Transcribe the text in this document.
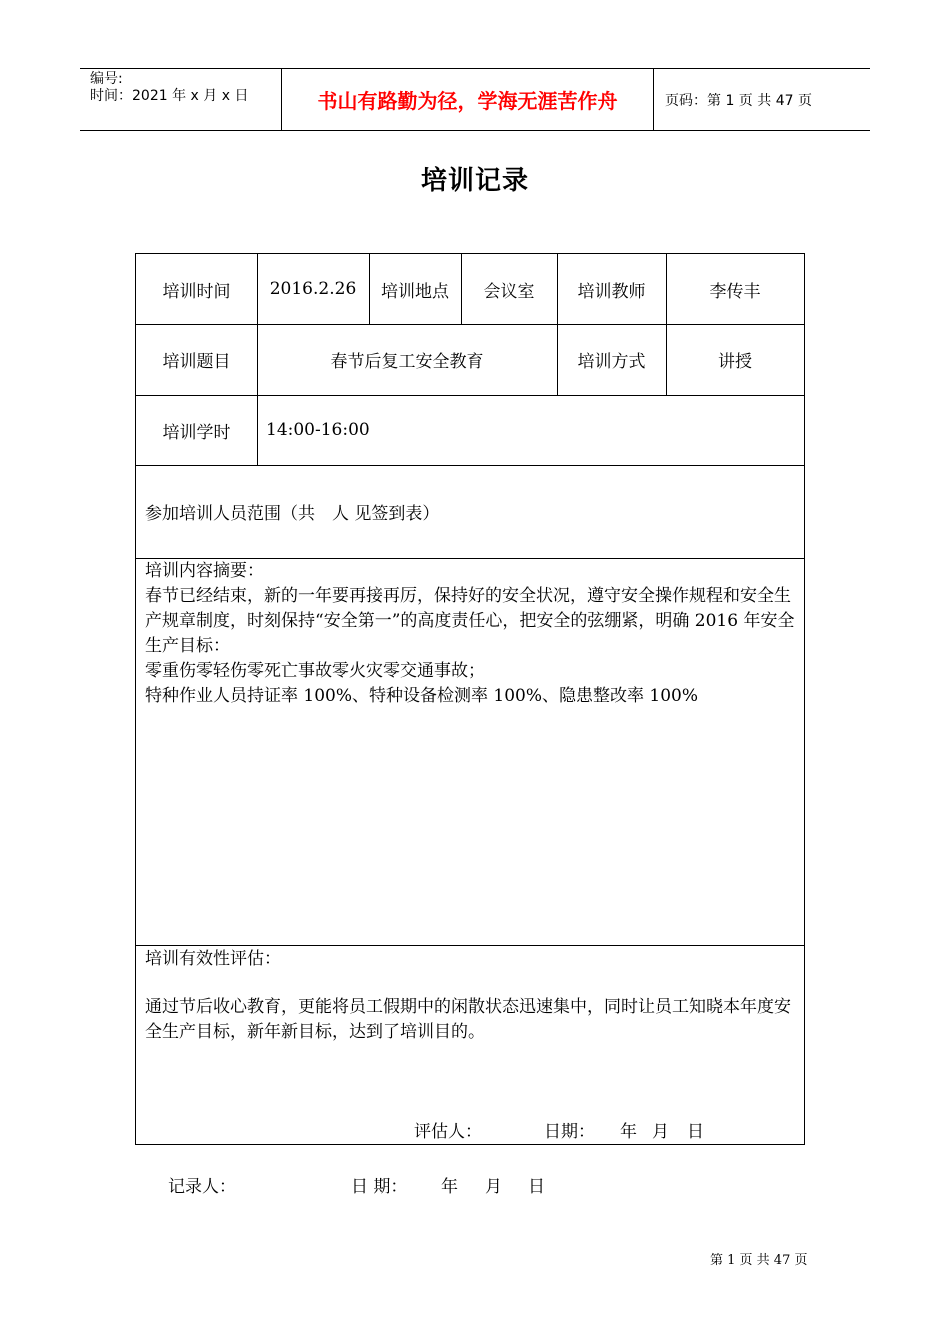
编号:
时间：2021 年 x 月 x 日	书山有路勤为径，学海无涯苦作舟	页码：第 1 页 共 47 页
培训记录
培训时间	2016.2.26	培训地点	会议室	培训教师	李传丰
培训题目	春节后复工安全教育	培训方式	讲授
培训学时	14:00-16:00
参加培训人员范围（共　人 见签到表）

培训内容摘要：

春节已经结束，新的一年要再接再厉，保持好的安全状况，遵守安全操作规程和安全生产规章制度，时刻保持“安全第一”的高度责任心，把安全的弦绷紧，明确 2016 年安全生产目标：

零重伤零轻伤零死亡事故零火灾零交通事故；

特种作业人员持证率 100%、特种设备检测率 100%、隐患整改率 100%

培训有效性评估：

通过节后收心教育，更能将员工假期中的闲散状态迅速集中，同时让员工知晓本年度安全生产目标，新年新目标，达到了培训目的。

评估人：	日期： 年 月 日
记录人：	日 期： 年 月 日
第 1 页 共 47 页
